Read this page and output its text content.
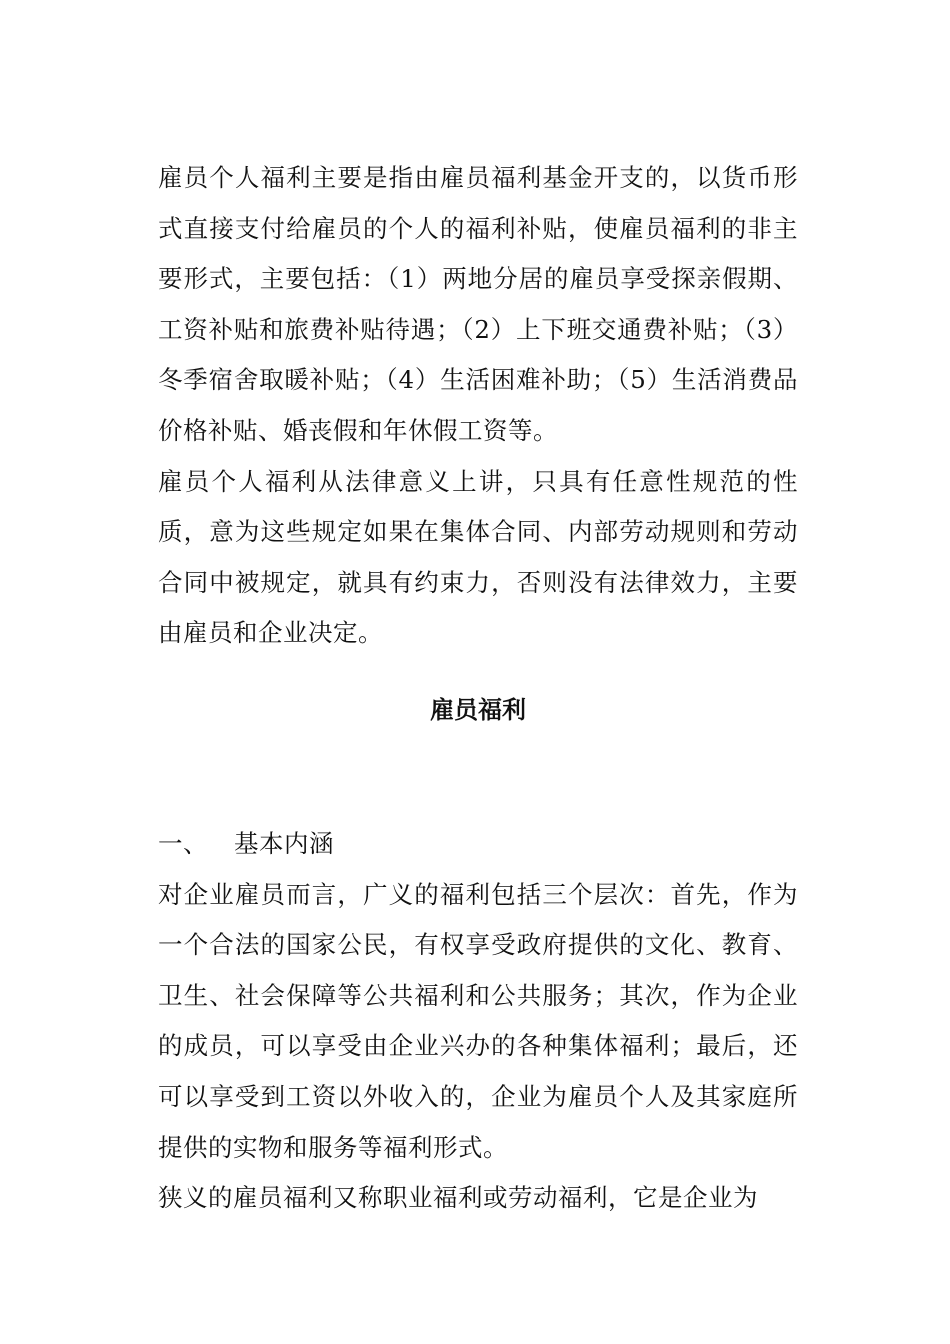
雇员个人福利主要是指由雇员福利基金开支的，以货币形式直接支付给雇员的个人的福利补贴，使雇员福利的非主要形式，主要包括：（1）两地分居的雇员享受探亲假期、工资补贴和旅费补贴待遇；（2）上下班交通费补贴；（3）冬季宿舍取暖补贴；（4）生活困难补助；（5）生活消费品价格补贴、婚丧假和年休假工资等。

雇员个人福利从法律意义上讲，只具有任意性规范的性质，意为这些规定如果在集体合同、内部劳动规则和劳动合同中被规定，就具有约束力，否则没有法律效力，主要由雇员和企业决定。

雇员福利
一、	基本内涵

对企业雇员而言，广义的福利包括三个层次：首先，作为一个合法的国家公民，有权享受政府提供的文化、教育、卫生、社会保障等公共福利和公共服务；其次，作为企业的成员，可以享受由企业兴办的各种集体福利；最后，还可以享受到工资以外收入的，企业为雇员个人及其家庭所提供的实物和服务等福利形式。

狭义的雇员福利又称职业福利或劳动福利，它是企业为
